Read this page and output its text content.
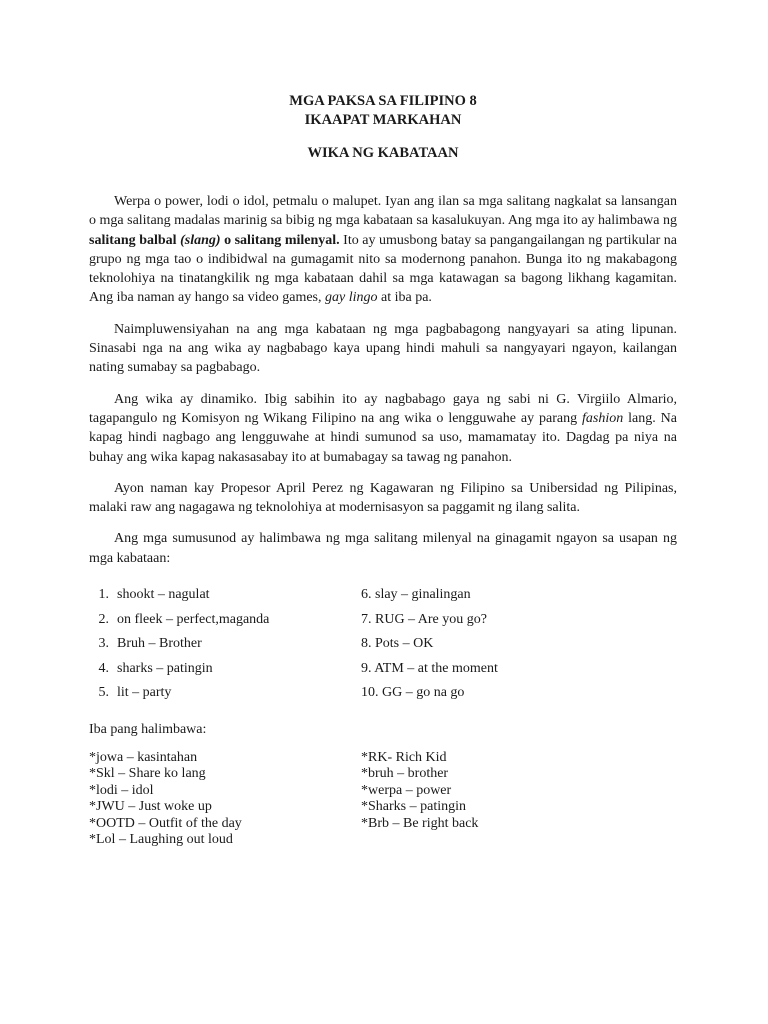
MGA PAKSA SA FILIPINO 8

IKAAPAT MARKAHAN

WIKA NG KABATAAN

Werpa o power, lodi o idol, petmalu o malupet. Iyan ang ilan sa mga salitang nagkalat sa lansangan o mga salitang madalas marinig sa bibig ng mga kabataan sa kasalukuyan. Ang mga ito ay halimbawa ng salitang balbal (slang) o salitang milenyal. Ito ay umusbong batay sa pangangailangan ng partikular na grupo ng mga tao o indibidwal na gumagamit nito sa modernong panahon. Bunga ito ng makabagong teknolohiya na tinatangkilik ng mga kabataan dahil sa mga katawagan sa bagong likhang kagamitan. Ang iba naman ay hango sa video games, gay lingo at iba pa.

Naimpluwensiyahan na ang mga kabataan ng mga pagbabagong nangyayari sa ating lipunan. Sinasabi nga na ang wika ay nagbabago kaya upang hindi mahuli sa nangyayari ngayon, kailangan nating sumabay sa pagbabago.

Ang wika ay dinamiko. Ibig sabihin ito ay nagbabago gaya ng sabi ni G. Virgiilo Almario, tagapangulo ng Komisyon ng Wikang Filipino na ang wika o lengguwahe ay parang fashion lang. Na kapag hindi nagbago ang lengguwahe at hindi sumunod sa uso, mamamatay ito. Dagdag pa niya na buhay ang wika kapag nakasasabay ito at bumabagay sa tawag ng panahon.

Ayon naman kay Propesor April Perez ng Kagawaran ng Filipino sa Unibersidad ng Pilipinas, malaki raw ang nagagawa ng teknolohiya at modernisasyon sa paggamit ng ilang salita.

Ang mga sumusunod ay halimbawa ng mga salitang milenyal na ginagamit ngayon sa usapan ng mga kabataan:

1. shookt – nagulat	6. slay – ginalingan
2. on fleek – perfect,maganda	7. RUG – Are you go?
3. Bruh – Brother	8. Pots – OK
4. sharks – patingin	9. ATM – at the moment
5. lit – party	10. GG – go na go
Iba pang halimbawa:
*jowa – kasintahan	*RK- Rich Kid
*Skl – Share ko lang	*bruh – brother
*lodi – idol	*werpa – power
*JWU – Just woke up	*Sharks – patingin
*OOTD – Outfit of the day	*Brb – Be right back
*Lol – Laughing out loud
